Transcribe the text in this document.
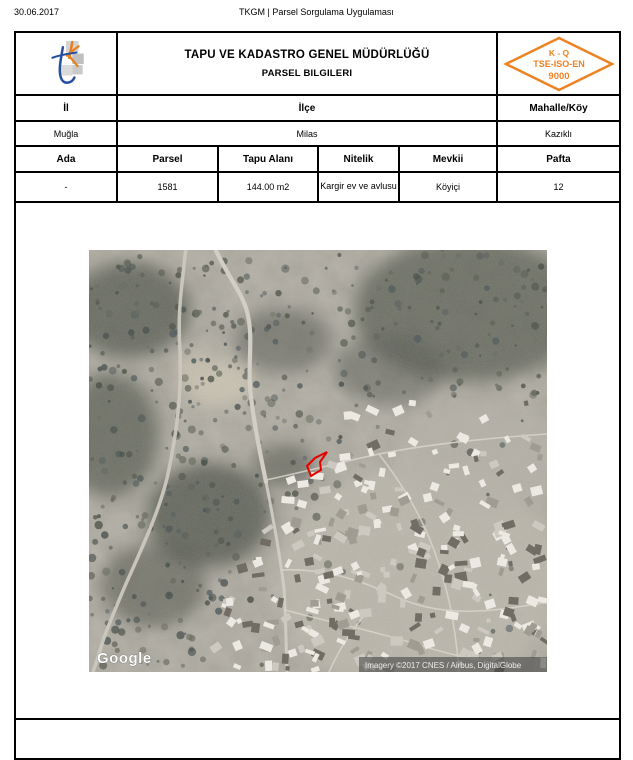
30.06.2017	TKGM | Parsel Sorgulama Uygulaması

TAPU VE KADASTRO GENEL MÜDÜRLÜĞÜ
PARSEL BILGILERI

K - Q
TSE-ISO-EN
9000

İl	İlçe				Mahalle/Köy
Muğla	Milas				Kazıklı
Ada	Parsel	Tapu Alanı	Nitelik	Mevkii	Pafta
-	1581	144.00 m2	Kargir ev ve avlusu	Köyiçi	12

Google Imagery ©2017 CNES / Airbus, DigitalGlobe					
